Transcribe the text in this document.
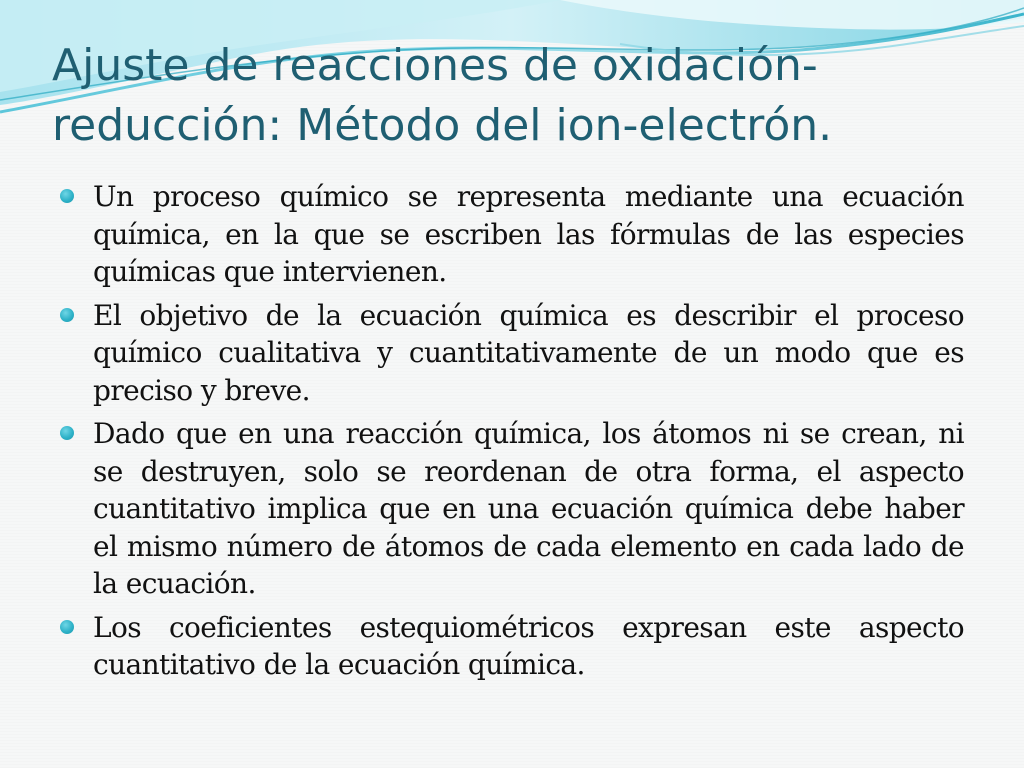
Ajuste de reacciones de oxidación-reducción: Método del ion-electrón.
Un proceso químico se representa mediante una ecuación química, en la que se escriben las fórmulas de las especies químicas que intervienen.
El objetivo de la ecuación química es describir el proceso químico cualitativa y cuantitativamente de un modo que es preciso y breve.
Dado que en una reacción química, los átomos ni se crean, ni se destruyen, solo se reordenan de otra forma, el aspecto cuantitativo implica que en una ecuación química debe haber el mismo número de átomos de cada elemento en cada lado de la ecuación.
Los coeficientes estequiométricos expresan este aspecto cuantitativo de la ecuación química.
